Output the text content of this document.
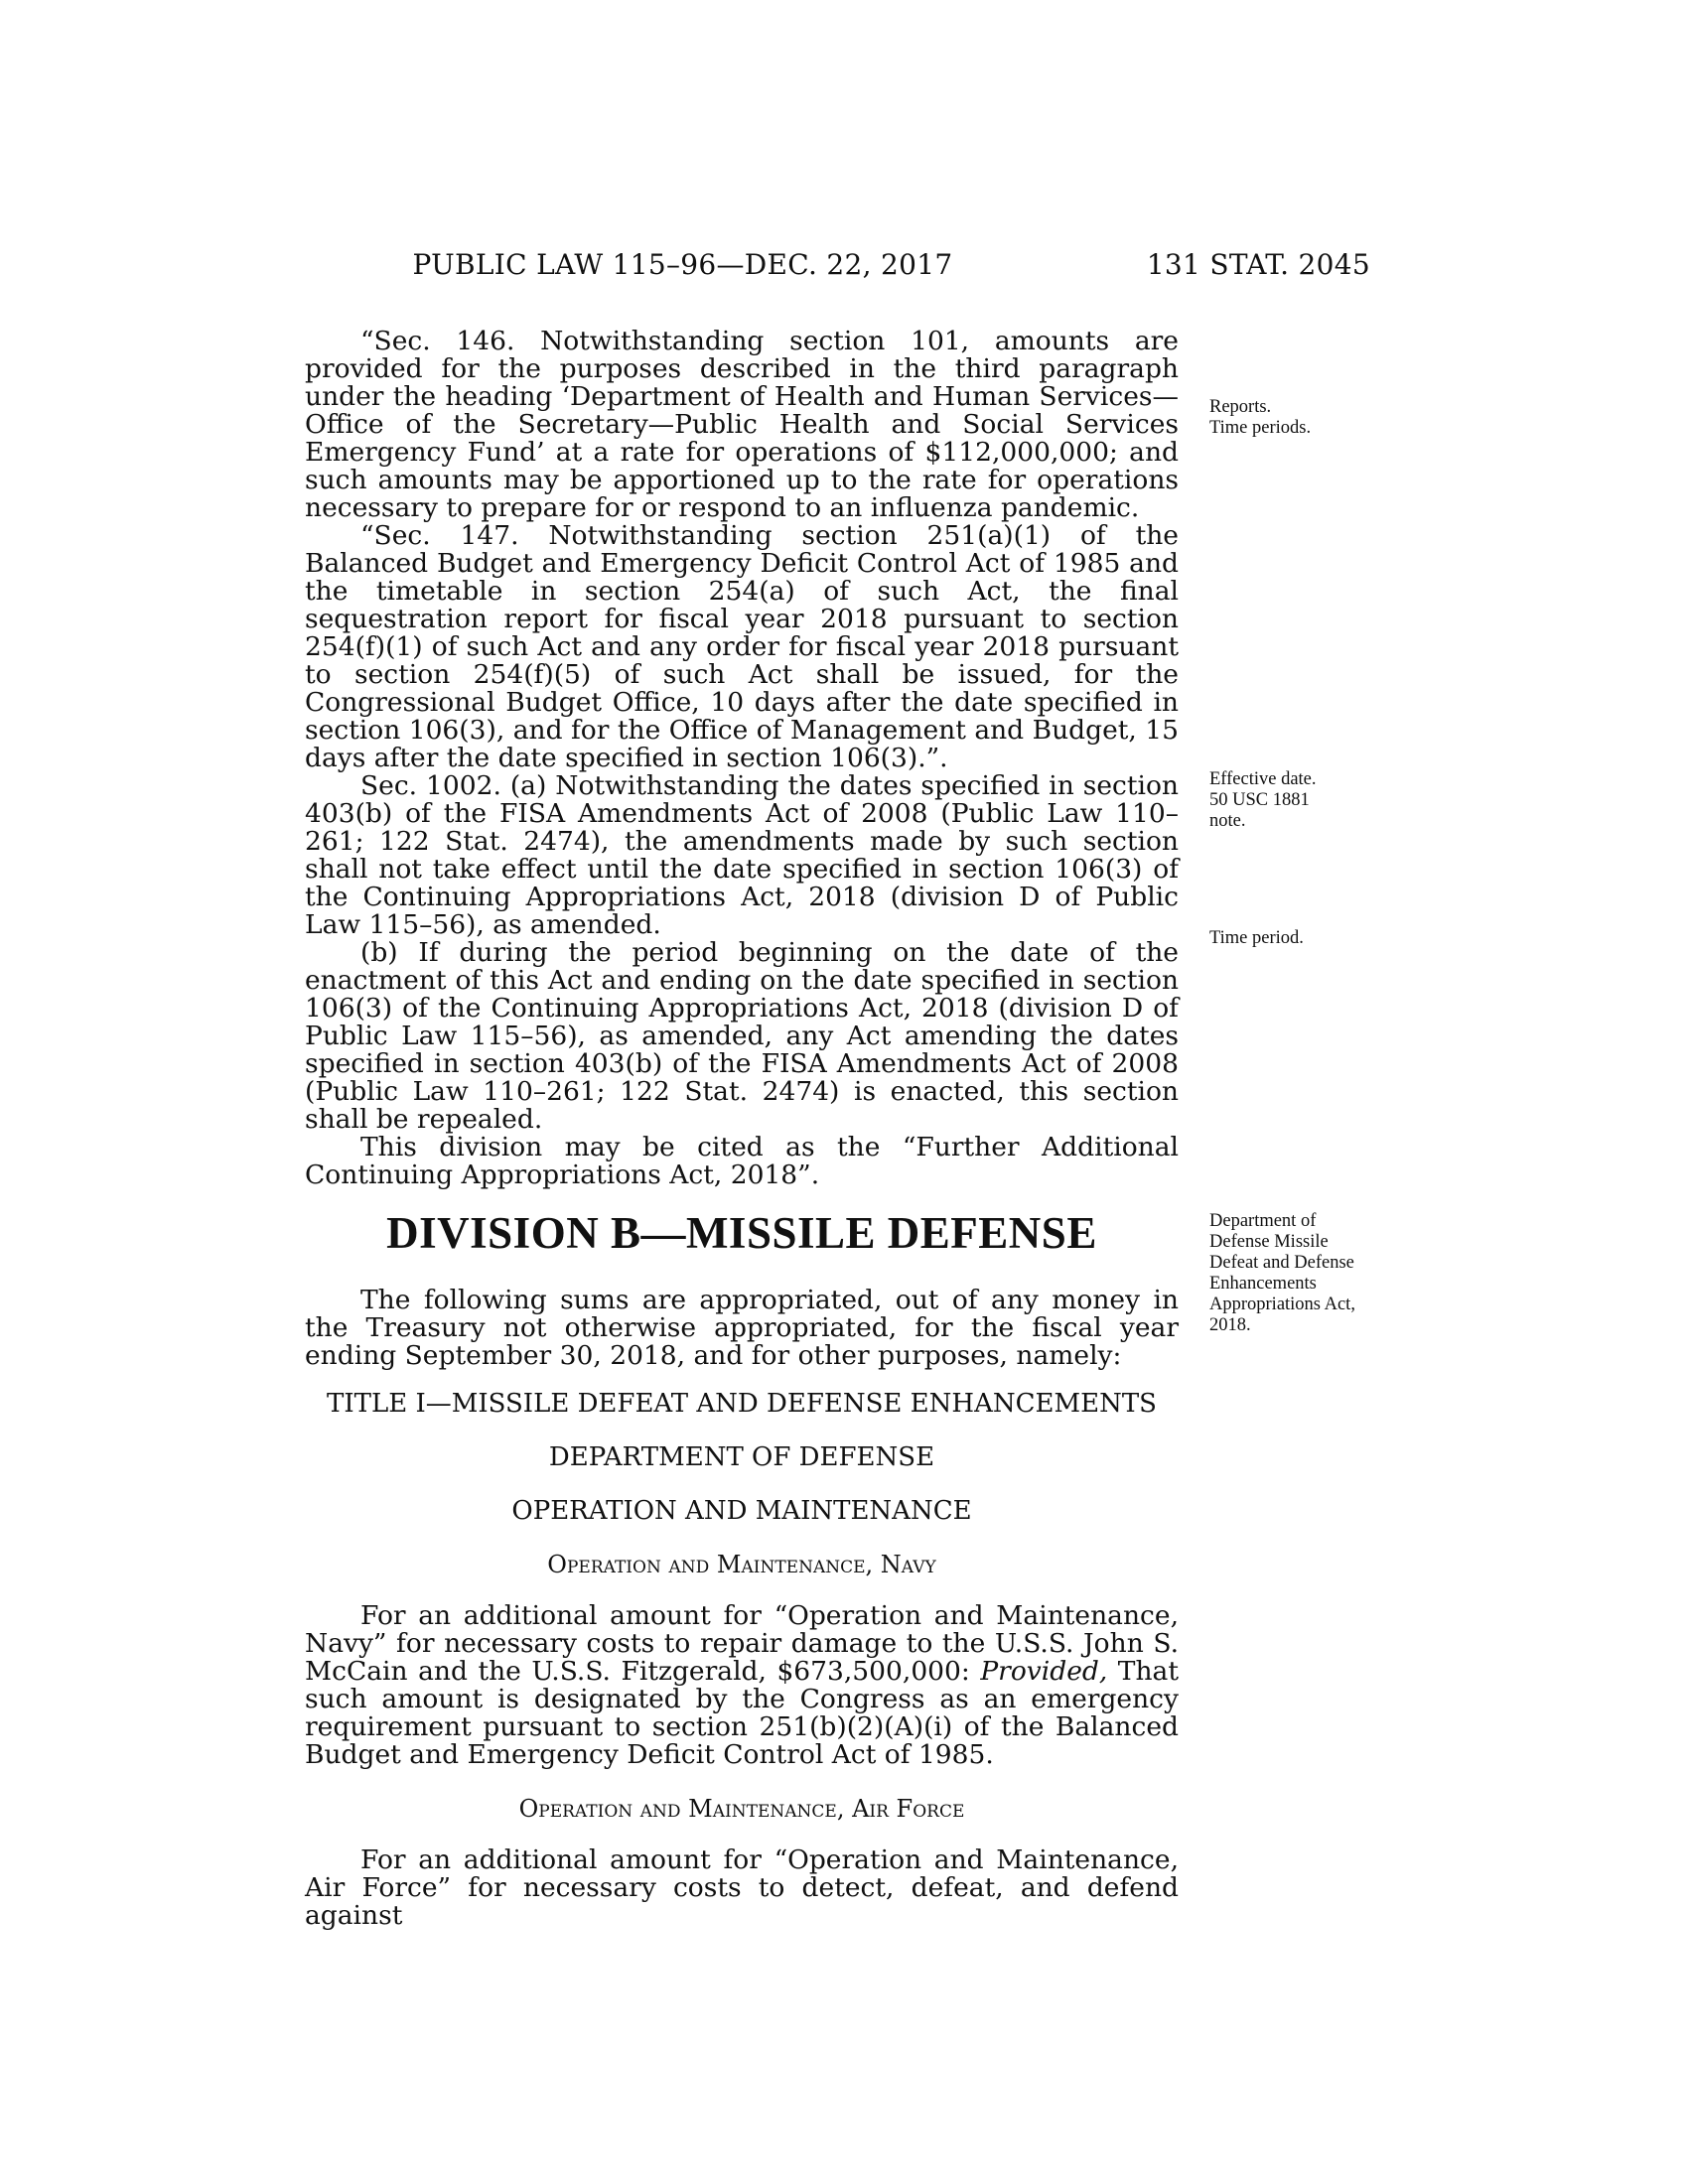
PUBLIC LAW 115–96—DEC. 22, 2017	131 STAT. 2045

“Sec. 146. Notwithstanding section 101, amounts are provided for the purposes described in the third paragraph under the heading ‘Department of Health and Human Services—Office of the Secretary—Public Health and Social Services Emergency Fund’ at a rate for operations of $112,000,000; and such amounts may be apportioned up to the rate for operations necessary to prepare for or respond to an influenza pandemic.

“Sec. 147. Notwithstanding section 251(a)(1) of the Balanced Budget and Emergency Deficit Control Act of 1985 and the timetable in section 254(a) of such Act, the final sequestration report for fiscal year 2018 pursuant to section 254(f)(1) of such Act and any order for fiscal year 2018 pursuant to section 254(f)(5) of such Act shall be issued, for the Congressional Budget Office, 10 days after the date specified in section 106(3), and for the Office of Management and Budget, 15 days after the date specified in section 106(3).”.

Sec. 1002. (a) Notwithstanding the dates specified in section 403(b) of the FISA Amendments Act of 2008 (Public Law 110–261; 122 Stat. 2474), the amendments made by such section shall not take effect until the date specified in section 106(3) of the Continuing Appropriations Act, 2018 (division D of Public Law 115–56), as amended.

(b) If during the period beginning on the date of the enactment of this Act and ending on the date specified in section 106(3) of the Continuing Appropriations Act, 2018 (division D of Public Law 115–56), as amended, any Act amending the dates specified in section 403(b) of the FISA Amendments Act of 2008 (Public Law 110–261; 122 Stat. 2474) is enacted, this section shall be repealed.

This division may be cited as the “Further Additional Continuing Appropriations Act, 2018”.

DIVISION B—MISSILE DEFENSE

The following sums are appropriated, out of any money in the Treasury not otherwise appropriated, for the fiscal year ending September 30, 2018, and for other purposes, namely:

TITLE I—MISSILE DEFEAT AND DEFENSE ENHANCEMENTS
DEPARTMENT OF DEFENSE
OPERATION AND MAINTENANCE
Operation and Maintenance, Navy

For an additional amount for “Operation and Maintenance, Navy” for necessary costs to repair damage to the U.S.S. John S. McCain and the U.S.S. Fitzgerald, $673,500,000: Provided, That such amount is designated by the Congress as an emergency requirement pursuant to section 251(b)(2)(A)(i) of the Balanced Budget and Emergency Deficit Control Act of 1985.

Operation and Maintenance, Air Force

For an additional amount for “Operation and Maintenance, Air Force” for necessary costs to detect, defeat, and defend against

Reports.
Time periods.
Effective date.
50 USC 1881
note.
Time period.
Department of Defense Missile Defeat and Defense Enhancements Appropriations Act, 2018.
